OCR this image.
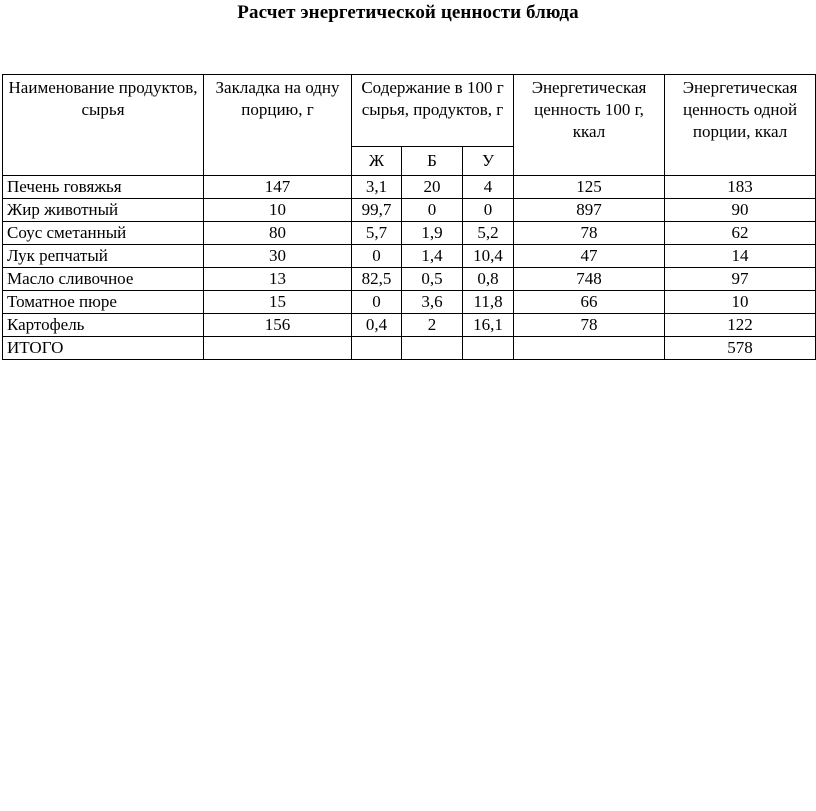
Расчет энергетической ценности блюда
Наименование продуктов, сырья	Закладка на одну порцию, г	Содержание в 100 г сырья, продуктов, г			Энергетическая ценность 100 г, ккал	Энергетическая ценность одной порции, ккал
		Ж	Б	У		
Печень говяжья	147	3,1	20	4	125	183
Жир животный	10	99,7	0	0	897	90
Соус сметанный	80	5,7	1,9	5,2	78	62
Лук репчатый	30	0	1,4	10,4	47	14
Масло сливочное	13	82,5	0,5	0,8	748	97
Томатное пюре	15	0	3,6	11,8	66	10
Картофель	156	0,4	2	16,1	78	122
ИТОГО						578
